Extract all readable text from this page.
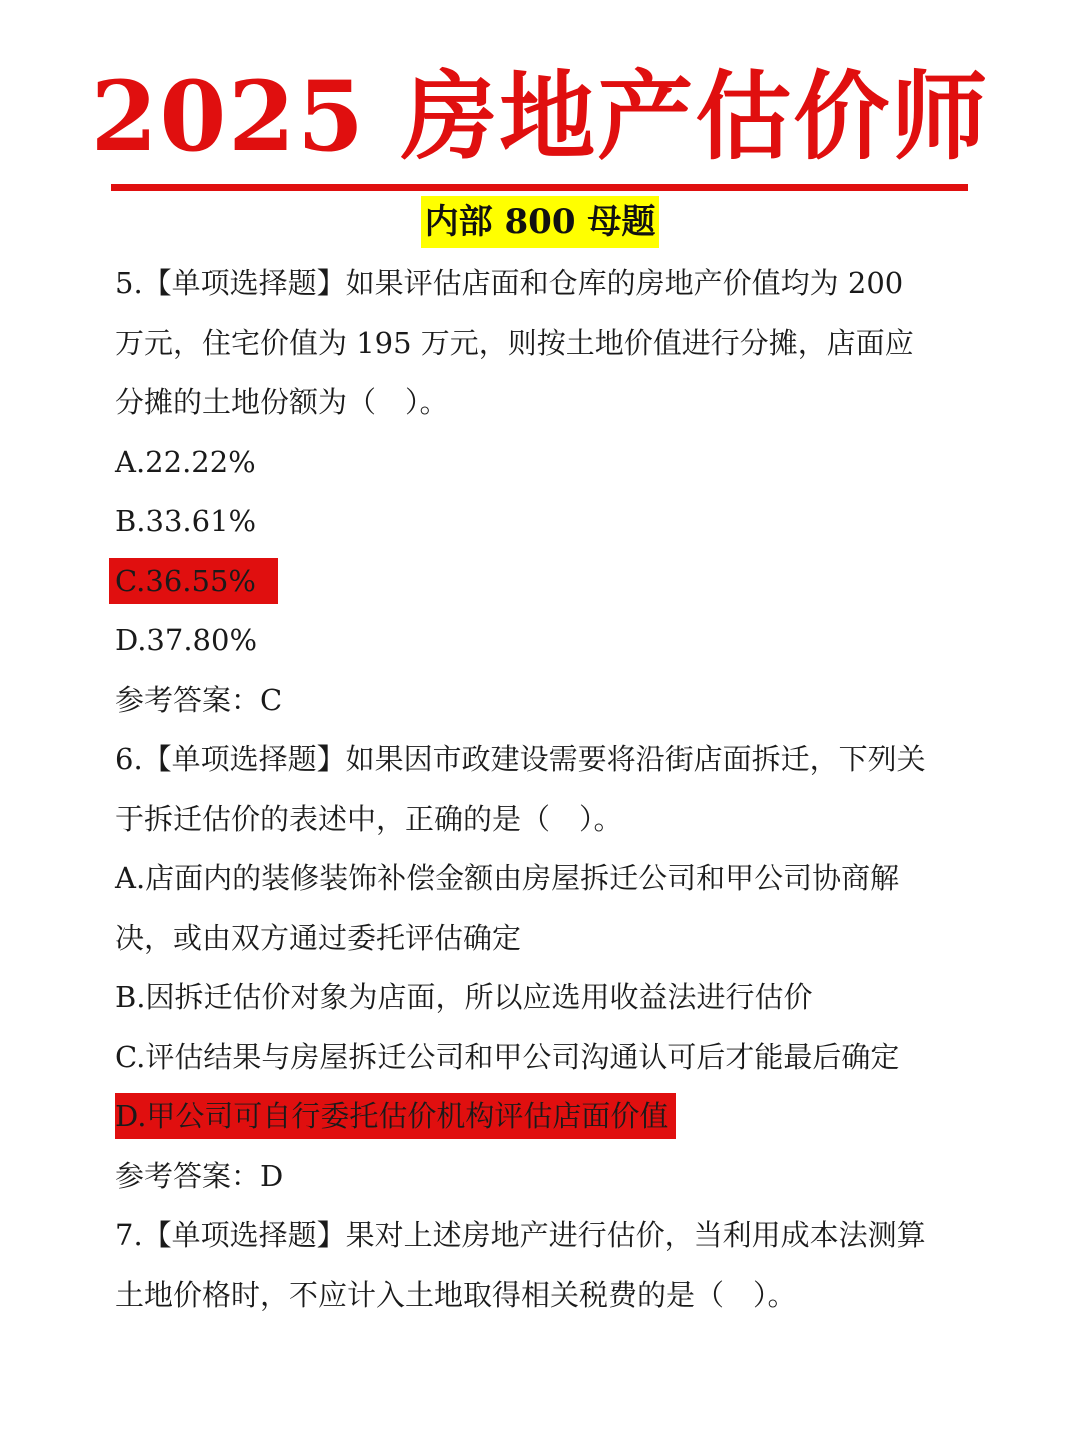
2025 房地产估价师
内部 800 母题
5.【单项选择题】如果评估店面和仓库的房地产价值均为 200
万元，住宅价值为 195 万元，则按土地价值进行分摊，店面应
分摊的土地份额为（　）。
A.22.22%
B.33.61%
C.36.55%
D.37.80%
参考答案：C
6.【单项选择题】如果因市政建设需要将沿街店面拆迁，下列关
于拆迁估价的表述中，正确的是（　）。
A.店面内的装修装饰补偿金额由房屋拆迁公司和甲公司协商解
决，或由双方通过委托评估确定
B.因拆迁估价对象为店面，所以应选用收益法进行估价
C.评估结果与房屋拆迁公司和甲公司沟通认可后才能最后确定
D.甲公司可自行委托估价机构评估店面价值
参考答案：D
7.【单项选择题】果对上述房地产进行估价，当利用成本法测算
土地价格时，不应计入土地取得相关税费的是（　）。
